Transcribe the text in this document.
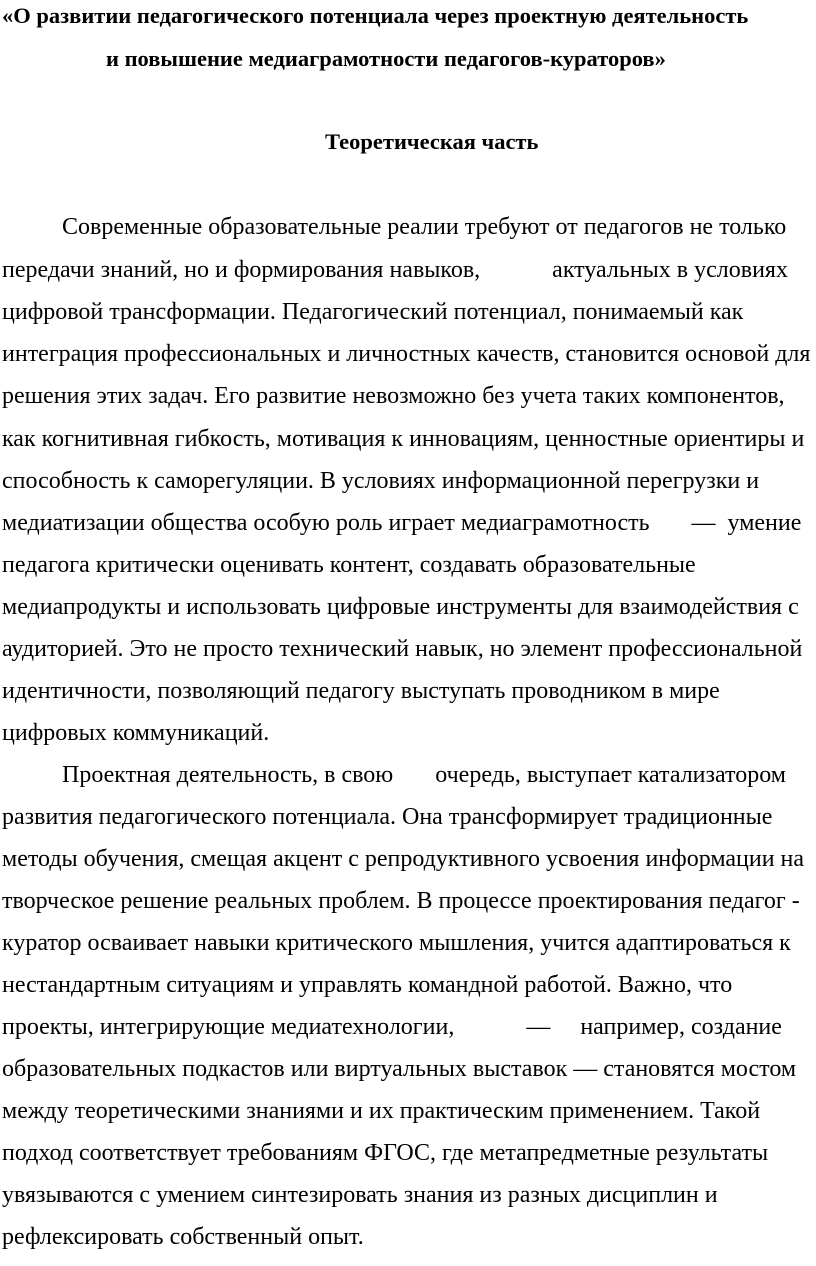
«О развитии педагогического потенциала через проектную деятельность
и повышение медиаграмотности педагогов-кураторов»
Теоретическая часть
Современные образовательные реалии требуют от педагогов не только
передачи знаний, но и формирования навыков,            актуальных в условиях
цифровой трансформации. Педагогический потенциал, понимаемый как
интеграция профессиональных и личностных качеств, становится основой для
решения этих задач. Его развитие невозможно без учета таких компонентов,
как когнитивная гибкость, мотивация к инновациям, ценностные ориентиры и
способность к саморегуляции. В условиях информационной перегрузки и
медиатизации общества особую роль играет медиаграмотность       —  умение
педагога критически оценивать контент, создавать образовательные
медиапродукты и использовать цифровые инструменты для взаимодействия с
аудиторией. Это не просто технический навык, но элемент профессиональной
идентичности, позволяющий педагогу выступать проводником в мире
цифровых коммуникаций.
Проектная деятельность, в свою       очередь, выступает катализатором
развития педагогического потенциала. Она трансформирует традиционные
методы обучения, смещая акцент с репродуктивного усвоения информации на
творческое решение реальных проблем. В процессе проектирования педагог -
куратор осваивает навыки критического мышления, учится адаптироваться к
нестандартным ситуациям и управлять командной работой. Важно, что
проекты, интегрирующие медиатехнологии,            —     например, создание
образовательных подкастов или виртуальных выставок — становятся мостом
между теоретическими знаниями и их практическим применением. Такой
подход соответствует требованиям ФГОС, где метапредметные результаты
увязываются с умением синтезировать знания из разных дисциплин и
рефлексировать собственный опыт.
